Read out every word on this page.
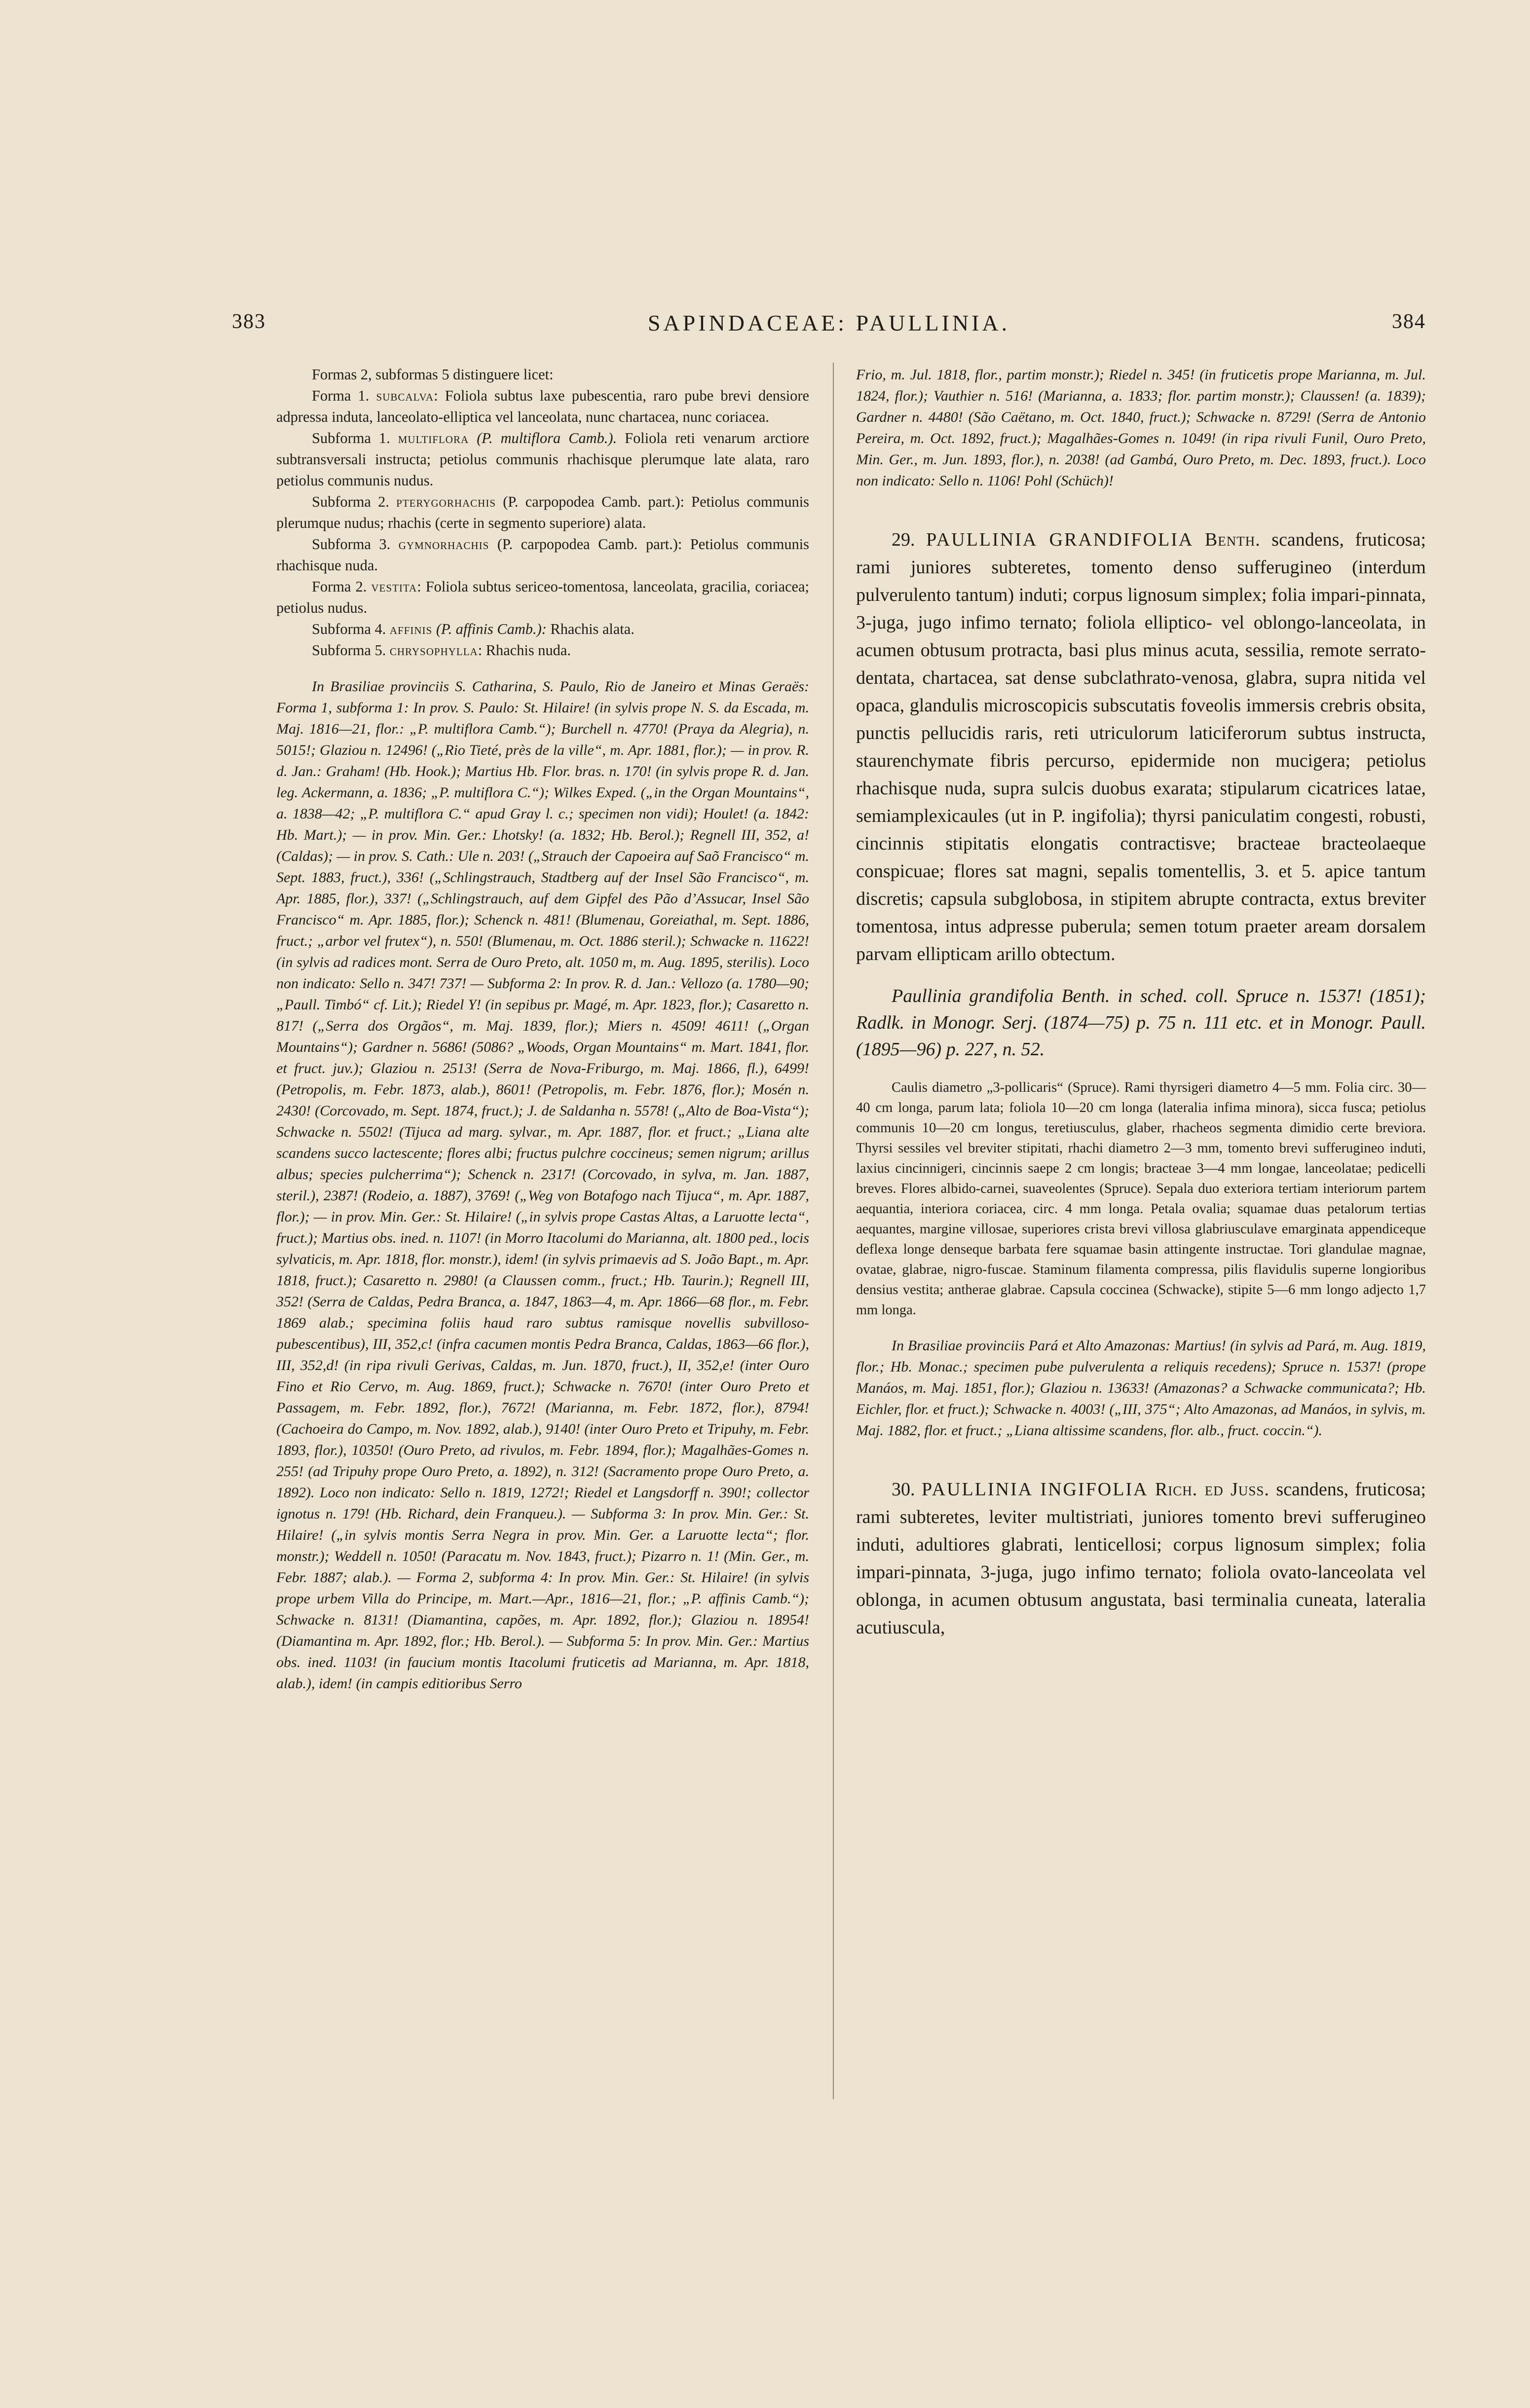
383	SAPINDACEAE: PAULLINIA.	384

Formas 2, subformas 5 distinguere licet:

Forma 1. subcalva: Foliola subtus laxe pubescentia, raro pube brevi densiore adpressa induta, lanceolato-elliptica vel lanceolata, nunc chartacea, nunc coriacea.

Subforma 1. multiflora (P. multiflora Camb.). Foliola reti venarum arctiore subtransversali instructa; petiolus communis rhachisque plerumque late alata, raro petiolus communis nudus.

Subforma 2. pterygorhachis (P. carpopodea Camb. part.): Petiolus communis plerumque nudus; rhachis (certe in segmento superiore) alata.

Subforma 3. gymnorhachis (P. carpopodea Camb. part.): Petiolus communis rhachisque nuda.

Forma 2. vestita: Foliola subtus sericeo-tomentosa, lanceolata, gracilia, coriacea; petiolus nudus.

Subforma 4. affinis (P. affinis Camb.): Rhachis alata.

Subforma 5. chrysophylla: Rhachis nuda.

In Brasiliae provinciis S. Catharina, S. Paulo, Rio de Janeiro et Minas Geraës: Forma 1, subforma 1: In prov. S. Paulo: St. Hilaire! (in sylvis prope N. S. da Escada, m. Maj. 1816—21, flor.: „P. multiflora Camb.“); Burchell n. 4770! (Praya da Alegria), n. 5015!; Glaziou n. 12496! („Rio Tieté, près de la ville“, m. Apr. 1881, flor.); — in prov. R. d. Jan.: Graham! (Hb. Hook.); Martius Hb. Flor. bras. n. 170! (in sylvis prope R. d. Jan. leg. Ackermann, a. 1836; „P. multiflora C.“); Wilkes Exped. („in the Organ Mountains“, a. 1838—42; „P. multiflora C.“ apud Gray l. c.; specimen non vidi); Houlet! (a. 1842: Hb. Mart.); — in prov. Min. Ger.: Lhotsky! (a. 1832; Hb. Berol.); Regnell III, 352, a! (Caldas); — in prov. S. Cath.: Ule n. 203! („Strauch der Capoeira auf Saõ Francisco“ m. Sept. 1883, fruct.), 336! („Schlingstrauch, Stadtberg auf der Insel São Francisco“, m. Apr. 1885, flor.), 337! („Schlingstrauch, auf dem Gipfel des Pão d’Assucar, Insel São Francisco“ m. Apr. 1885, flor.); Schenck n. 481! (Blumenau, Goreiathal, m. Sept. 1886, fruct.; „arbor vel frutex“), n. 550! (Blumenau, m. Oct. 1886 steril.); Schwacke n. 11622! (in sylvis ad radices mont. Serra de Ouro Preto, alt. 1050 m, m. Aug. 1895, sterilis). Loco non indicato: Sello n. 347! 737! — Subforma 2: In prov. R. d. Jan.: Vellozo (a. 1780—90; „Paull. Timbó“ cf. Lit.); Riedel Y! (in sepibus pr. Magé, m. Apr. 1823, flor.); Casaretto n. 817! („Serra dos Orgãos“, m. Maj. 1839, flor.); Miers n. 4509! 4611! („Organ Mountains“); Gardner n. 5686! (5086? „Woods, Organ Mountains“ m. Mart. 1841, flor. et fruct. juv.); Glaziou n. 2513! (Serra de Nova-Friburgo, m. Maj. 1866, fl.), 6499! (Petropolis, m. Febr. 1873, alab.), 8601! (Petropolis, m. Febr. 1876, flor.); Mosén n. 2430! (Corcovado, m. Sept. 1874, fruct.); J. de Saldanha n. 5578! („Alto de Boa-Vista“); Schwacke n. 5502! (Tijuca ad marg. sylvar., m. Apr. 1887, flor. et fruct.; „Liana alte scandens succo lactescente; flores albi; fructus pulchre coccineus; semen nigrum; arillus albus; species pulcherrima“); Schenck n. 2317! (Corcovado, in sylva, m. Jan. 1887, steril.), 2387! (Rodeio, a. 1887), 3769! („Weg von Botafogo nach Tijuca“, m. Apr. 1887, flor.); — in prov. Min. Ger.: St. Hilaire! („in sylvis prope Castas Altas, a Laruotte lecta“, fruct.); Martius obs. ined. n. 1107! (in Morro Itacolumi do Marianna, alt. 1800 ped., locis sylvaticis, m. Apr. 1818, flor. monstr.), idem! (in sylvis primaevis ad S. João Bapt., m. Apr. 1818, fruct.); Casaretto n. 2980! (a Claussen comm., fruct.; Hb. Taurin.); Regnell III, 352! (Serra de Caldas, Pedra Branca, a. 1847, 1863—4, m. Apr. 1866—68 flor., m. Febr. 1869 alab.; specimina foliis haud raro subtus ramisque novellis subvilloso-pubescentibus), III, 352,c! (infra cacumen montis Pedra Branca, Caldas, 1863—66 flor.), III, 352,d! (in ripa rivuli Gerivas, Caldas, m. Jun. 1870, fruct.), II, 352,e! (inter Ouro Fino et Rio Cervo, m. Aug. 1869, fruct.); Schwacke n. 7670! (inter Ouro Preto et Passagem, m. Febr. 1892, flor.), 7672! (Marianna, m. Febr. 1872, flor.), 8794! (Cachoeira do Campo, m. Nov. 1892, alab.), 9140! (inter Ouro Preto et Tripuhy, m. Febr. 1893, flor.), 10350! (Ouro Preto, ad rivulos, m. Febr. 1894, flor.); Magalhães-Gomes n. 255! (ad Tripuhy prope Ouro Preto, a. 1892), n. 312! (Sacramento prope Ouro Preto, a. 1892). Loco non indicato: Sello n. 1819, 1272!; Riedel et Langsdorff n. 390!; collector ignotus n. 179! (Hb. Richard, dein Franqueu.). — Subforma 3: In prov. Min. Ger.: St. Hilaire! („in sylvis montis Serra Negra in prov. Min. Ger. a Laruotte lecta“; flor. monstr.); Weddell n. 1050! (Paracatu m. Nov. 1843, fruct.); Pizarro n. 1! (Min. Ger., m. Febr. 1887; alab.). — Forma 2, subforma 4: In prov. Min. Ger.: St. Hilaire! (in sylvis prope urbem Villa do Principe, m. Mart.—Apr., 1816—21, flor.; „P. affinis Camb.“); Schwacke n. 8131! (Diamantina, capões, m. Apr. 1892, flor.); Glaziou n. 18954! (Diamantina m. Apr. 1892, flor.; Hb. Berol.). — Subforma 5: In prov. Min. Ger.: Martius obs. ined. 1103! (in faucium montis Itacolumi fruticetis ad Marianna, m. Apr. 1818, alab.), idem! (in campis editioribus Serro

Frio, m. Jul. 1818, flor., partim monstr.); Riedel n. 345! (in fruticetis prope Marianna, m. Jul. 1824, flor.); Vauthier n. 516! (Marianna, a. 1833; flor. partim monstr.); Claussen! (a. 1839); Gardner n. 4480! (São Caëtano, m. Oct. 1840, fruct.); Schwacke n. 8729! (Serra de Antonio Pereira, m. Oct. 1892, fruct.); Magalhães-Gomes n. 1049! (in ripa rivuli Funil, Ouro Preto, Min. Ger., m. Jun. 1893, flor.), n. 2038! (ad Gambá, Ouro Preto, m. Dec. 1893, fruct.). Loco non indicato: Sello n. 1106! Pohl (Schüch)!

29. PAULLINIA GRANDIFOLIA Benth. scandens, fruticosa; rami juniores subteretes, tomento denso sufferugineo (interdum pulverulento tantum) induti; corpus lignosum simplex; folia impari-pinnata, 3-juga, jugo infimo ternato; foliola elliptico- vel oblongo-lanceolata, in acumen obtusum protracta, basi plus minus acuta, sessilia, remote serrato-dentata, chartacea, sat dense subclathrato-venosa, glabra, supra nitida vel opaca, glandulis microscopicis subscutatis foveolis immersis crebris obsita, punctis pellucidis raris, reti utriculorum laticiferorum subtus instructa, staurenchymate fibris percurso, epidermide non mucigera; petiolus rhachisque nuda, supra sulcis duobus exarata; stipularum cicatrices latae, semiamplexicaules (ut in P. ingifolia); thyrsi paniculatim congesti, robusti, cincinnis stipitatis elongatis contractisve; bracteae bracteolaeque conspicuae; flores sat magni, sepalis tomentellis, 3. et 5. apice tantum discretis; capsula subglobosa, in stipitem abrupte contracta, extus breviter tomentosa, intus adpresse puberula; semen totum praeter aream dorsalem parvam ellipticam arillo obtectum.

Paullinia grandifolia Benth. in sched. coll. Spruce n. 1537! (1851); Radlk. in Monogr. Serj. (1874—75) p. 75 n. 111 etc. et in Monogr. Paull. (1895—96) p. 227, n. 52.

Caulis diametro „3-pollicaris“ (Spruce). Rami thyrsigeri diametro 4—5 mm. Folia circ. 30—40 cm longa, parum lata; foliola 10—20 cm longa (lateralia infima minora), sicca fusca; petiolus communis 10—20 cm longus, teretiusculus, glaber, rhacheos segmenta dimidio certe breviora. Thyrsi sessiles vel breviter stipitati, rhachi diametro 2—3 mm, tomento brevi sufferugineo induti, laxius cincinnigeri, cincinnis saepe 2 cm longis; bracteae 3—4 mm longae, lanceolatae; pedicelli breves. Flores albido-carnei, suaveolentes (Spruce). Sepala duo exteriora tertiam interiorum partem aequantia, interiora coriacea, circ. 4 mm longa. Petala ovalia; squamae duas petalorum tertias aequantes, margine villosae, superiores crista brevi villosa glabriusculave emarginata appendiceque deflexa longe denseque barbata fere squamae basin attingente instructae. Tori glandulae magnae, ovatae, glabrae, nigro-fuscae. Staminum filamenta compressa, pilis flavidulis superne longioribus densius vestita; antherae glabrae. Capsula coccinea (Schwacke), stipite 5—6 mm longo adjecto 1,7 mm longa.

In Brasiliae provinciis Pará et Alto Amazonas: Martius! (in sylvis ad Pará, m. Aug. 1819, flor.; Hb. Monac.; specimen pube pulverulenta a reliquis recedens); Spruce n. 1537! (prope Manáos, m. Maj. 1851, flor.); Glaziou n. 13633! (Amazonas? a Schwacke communicata?; Hb. Eichler, flor. et fruct.); Schwacke n. 4003! („III, 375“; Alto Amazonas, ad Manáos, in sylvis, m. Maj. 1882, flor. et fruct.; „Liana altissime scandens, flor. alb., fruct. coccin.“).

30. PAULLINIA INGIFOLIA Rich. ed Juss. scandens, fruticosa; rami subteretes, leviter multistriati, juniores tomento brevi sufferugineo induti, adultiores glabrati, lenticellosi; corpus lignosum simplex; folia impari-pinnata, 3-juga, jugo infimo ternato; foliola ovato-lanceolata vel oblonga, in acumen obtusum angustata, basi terminalia cuneata, lateralia acutiuscula,
